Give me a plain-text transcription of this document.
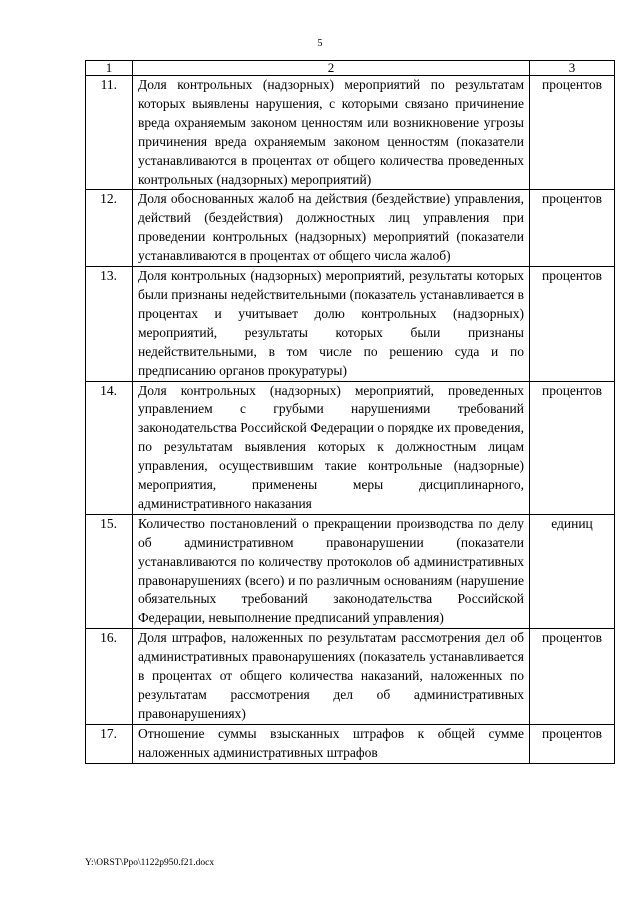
5
1	2	3
11.	Доля контрольных (надзорных) мероприятий по результатам которых выявлены нарушения, с которыми связано причинение вреда охраняемым законом ценностям или возникновение угрозы причинения вреда охраняемым законом ценностям (показатели устанавливаются в процентах от общего количества проведенных контрольных (надзорных) мероприятий)	процентов
12.	Доля обоснованных жалоб на действия (бездействие) управления, действий (бездействия) должностных лиц управления при проведении контрольных (надзорных) мероприятий (показатели устанавливаются в процентах от общего числа жалоб)	процентов
13.	Доля контрольных (надзорных) мероприятий, результаты которых были признаны недействительными (показатель устанавливается в процентах и учитывает долю контрольных (надзорных) мероприятий, результаты которых были признаны недействительными, в том числе по решению суда и по предписанию органов прокуратуры)	процентов
14.	Доля контрольных (надзорных) мероприятий, проведенных управлением с грубыми нарушениями требований законодательства Российской Федерации о порядке их проведения, по результатам выявления которых к должностным лицам управления, осуществившим такие контрольные (надзорные) мероприятия, применены меры дисциплинарного, административного наказания	процентов
15.	Количество постановлений о прекращении производства по делу об административном правонарушении (показатели устанавливаются по количеству протоколов об административных правонарушениях (всего) и по различным основаниям (нарушение обязательных требований законодательства Российской Федерации, невыполнение предписаний управления)	единиц
16.	Доля штрафов, наложенных по результатам рассмотрения дел об административных правонарушениях (показатель устанавливается в процентах от общего количества наказаний, наложенных по результатам рассмотрения дел об административных правонарушениях)	процентов
17.	Отношение суммы взысканных штрафов к общей сумме наложенных административных штрафов	процентов
Y:\ORST\Ppo\1122p950.f21.docx
